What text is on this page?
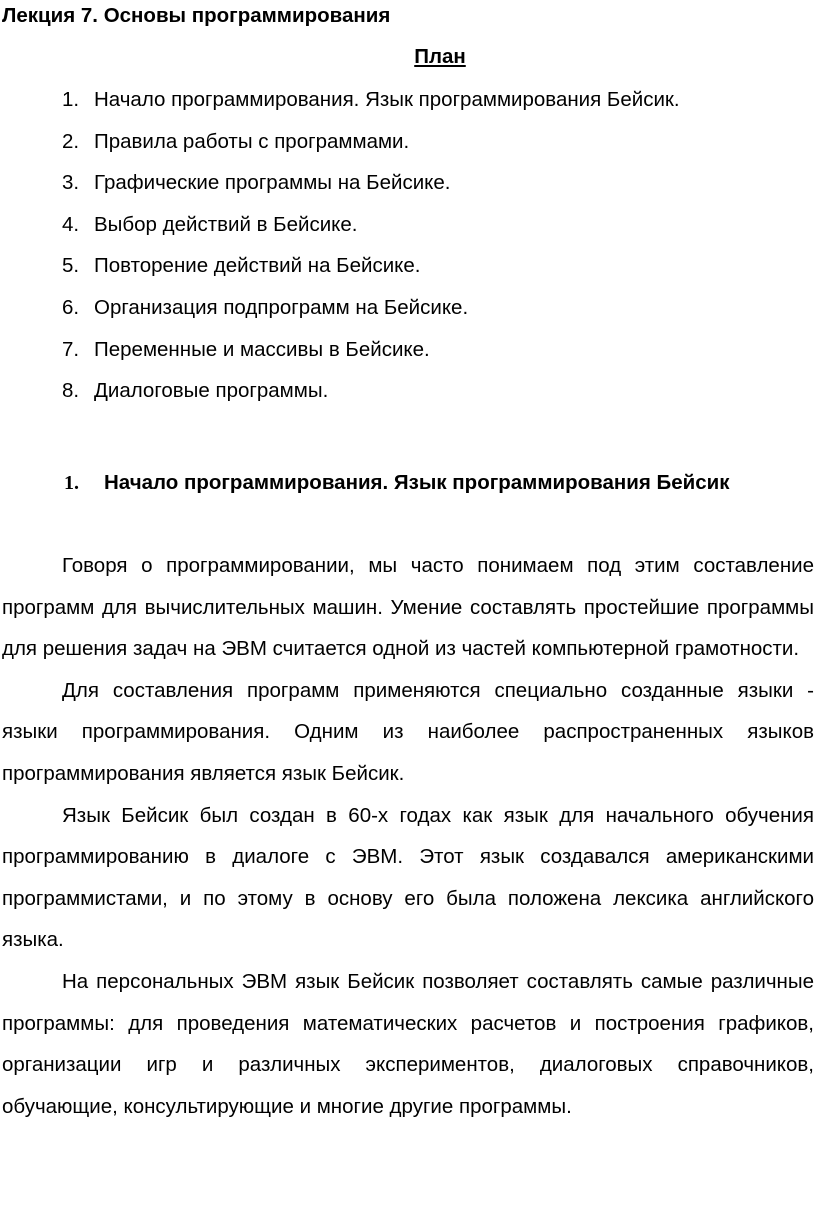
Лекция 7. Основы программирования
План
1. Начало программирования. Язык программирования Бейсик.
2. Правила работы с программами.
3. Графические программы на Бейсике.
4. Выбор действий в Бейсике.
5. Повторение действий на Бейсике.
6. Организация подпрограмм на Бейсике.
7. Переменные и массивы в Бейсике.
8. Диалоговые программы.
1. Начало программирования. Язык программирования Бейсик

Говоря о программировании, мы часто понимаем под этим составление программ для вычислительных машин. Умение составлять простейшие программы для решения задач на ЭВМ считается одной из частей компьютерной грамотности.

Для составления программ применяются специально созданные языки - языки программирования. Одним из наиболее распространенных языков программирования является язык Бейсик.

Язык Бейсик был создан в 60-х годах как язык для начального обучения программированию в диалоге с ЭВМ. Этот язык создавался американскими программистами, и по этому в основу его была положена лексика английского языка.

На персональных ЭВМ язык Бейсик позволяет составлять самые различные программы: для проведения математических расчетов и построения графиков, организации игр и различных экспериментов, диалоговых справочников, обучающие, консультирующие и многие другие программы.
